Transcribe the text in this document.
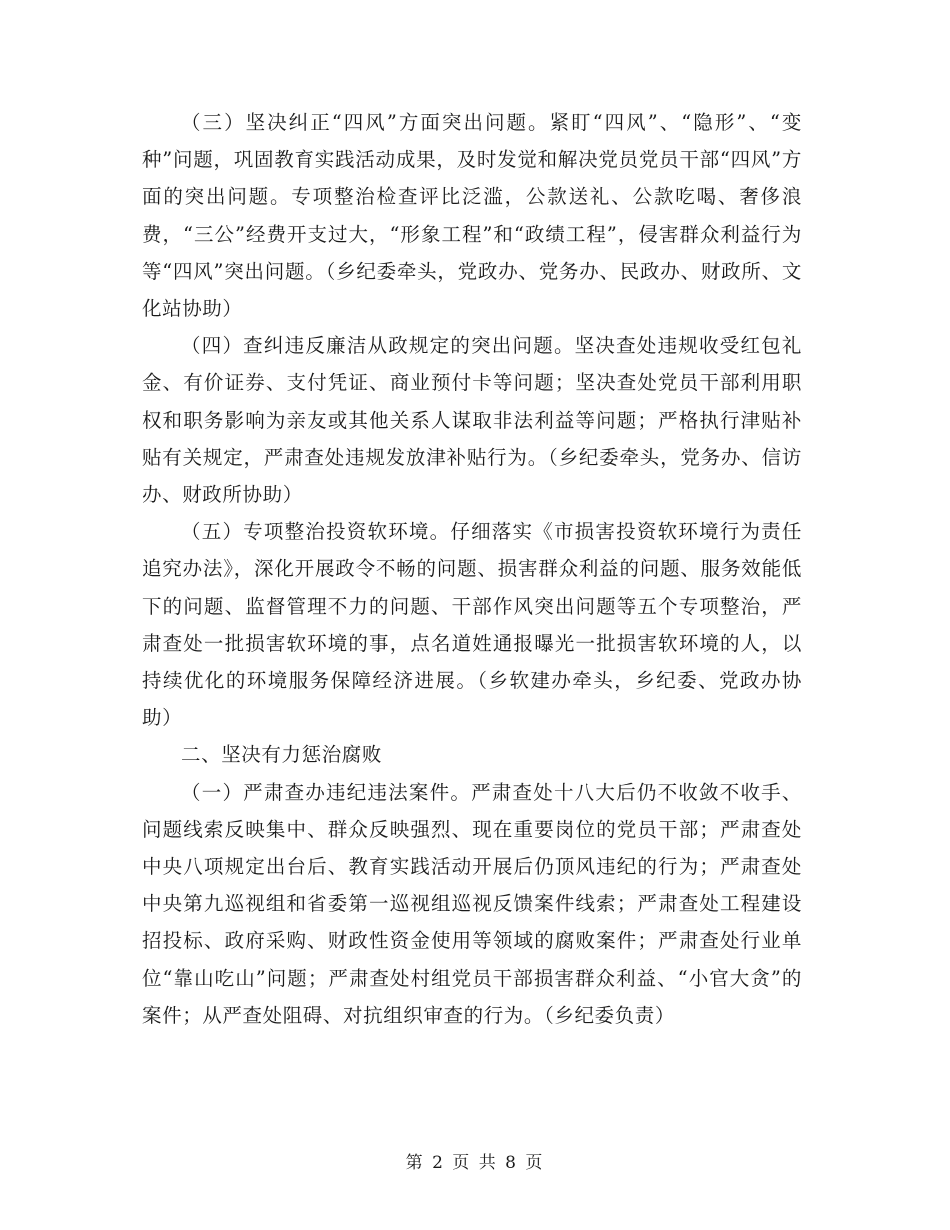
（三）坚决纠正“四风”方面突出问题。紧盯“四风”、“隐形”、“变种”问题，巩固教育实践活动成果，及时发觉和解决党员党员干部“四风”方面的突出问题。专项整治检查评比泛滥，公款送礼、公款吃喝、奢侈浪费，“三公”经费开支过大，“形象工程”和“政绩工程”，侵害群众利益行为等“四风”突出问题。（乡纪委牵头，党政办、党务办、民政办、财政所、文化站协助）

（四）查纠违反廉洁从政规定的突出问题。坚决查处违规收受红包礼金、有价证券、支付凭证、商业预付卡等问题；坚决查处党员干部利用职权和职务影响为亲友或其他关系人谋取非法利益等问题；严格执行津贴补贴有关规定，严肃查处违规发放津补贴行为。（乡纪委牵头，党务办、信访办、财政所协助）

（五）专项整治投资软环境。仔细落实《市损害投资软环境行为责任追究办法》，深化开展政令不畅的问题、损害群众利益的问题、服务效能低下的问题、监督管理不力的问题、干部作风突出问题等五个专项整治，严肃查处一批损害软环境的事，点名道姓通报曝光一批损害软环境的人，以持续优化的环境服务保障经济进展。（乡软建办牵头，乡纪委、党政办协助）

二、坚决有力惩治腐败

（一）严肃查办违纪违法案件。严肃查处十八大后仍不收敛不收手、问题线索反映集中、群众反映强烈、现在重要岗位的党员干部；严肃查处中央八项规定出台后、教育实践活动开展后仍顶风违纪的行为；严肃查处中央第九巡视组和省委第一巡视组巡视反馈案件线索；严肃查处工程建设招投标、政府采购、财政性资金使用等领域的腐败案件；严肃查处行业单位“靠山吃山”问题；严肃查处村组党员干部损害群众利益、“小官大贪”的案件；从严查处阻碍、对抗组织审查的行为。（乡纪委负责）

第 2 页 共 8 页
